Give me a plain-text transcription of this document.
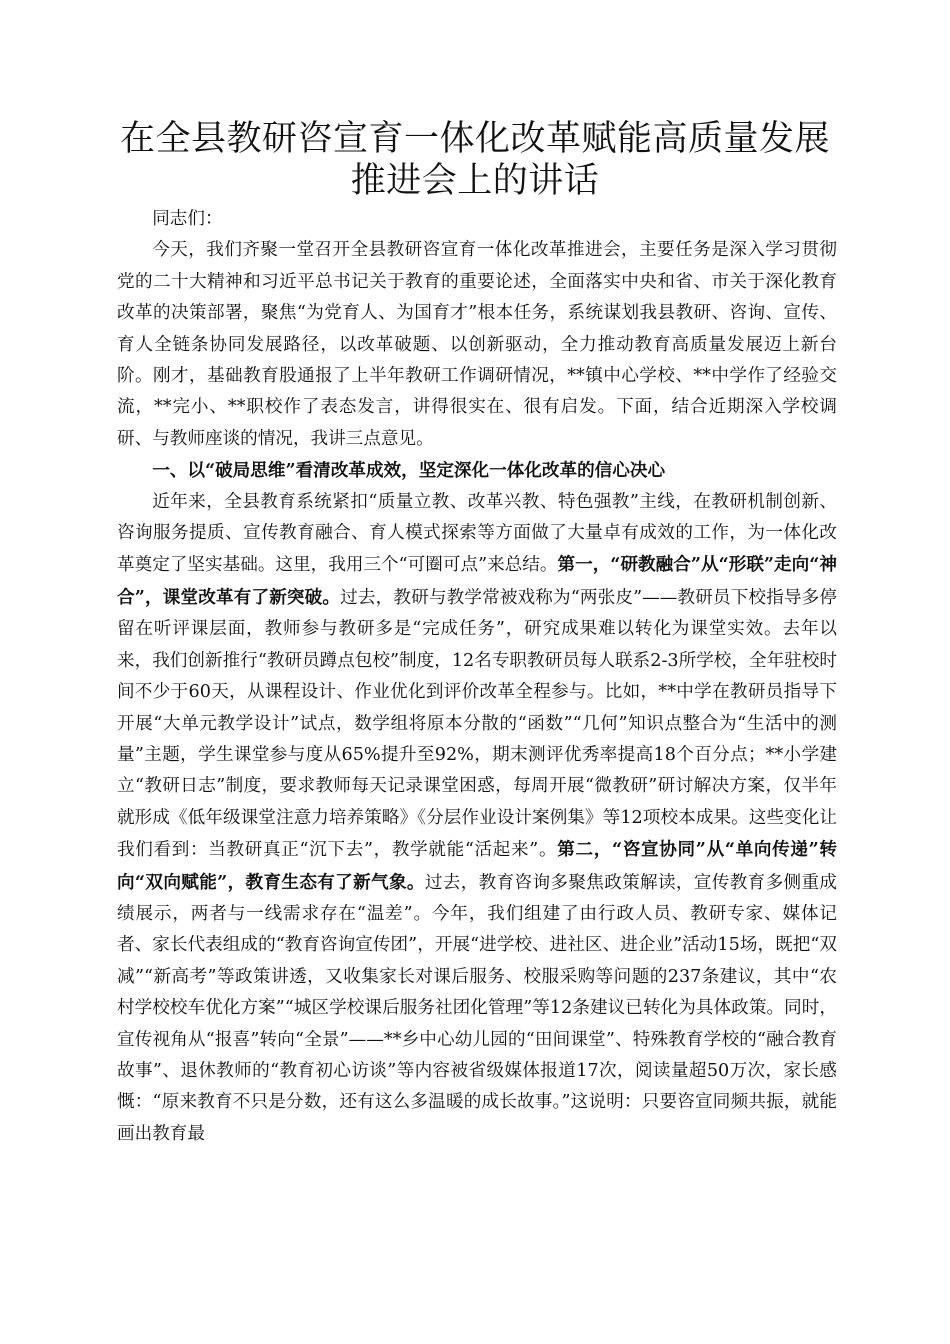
在全县教研咨宣育一体化改革赋能高质量发展
推进会上的讲话

同志们：

今天，我们齐聚一堂召开全县教研咨宣育一体化改革推进会，主要任务是深入学习贯彻党的二十大精神和习近平总书记关于教育的重要论述，全面落实中央和省、市关于深化教育改革的决策部署，聚焦“为党育人、为国育才”根本任务，系统谋划我县教研、咨询、宣传、育人全链条协同发展路径，以改革破题、以创新驱动，全力推动教育高质量发展迈上新台阶。刚才，基础教育股通报了上半年教研工作调研情况，**镇中心学校、**中学作了经验交流，**完小、**职校作了表态发言，讲得很实在、很有启发。下面，结合近期深入学校调研、与教师座谈的情况，我讲三点意见。

一、以“破局思维”看清改革成效，坚定深化一体化改革的信心决心

近年来，全县教育系统紧扣“质量立教、改革兴教、特色强教”主线，在教研机制创新、咨询服务提质、宣传教育融合、育人模式探索等方面做了大量卓有成效的工作，为一体化改革奠定了坚实基础。这里，我用三个“可圈可点”来总结。第一，“研教融合”从“形联”走向“神合”，课堂改革有了新突破。过去，教研与教学常被戏称为“两张皮”——教研员下校指导多停留在听评课层面，教师参与教研多是“完成任务”，研究成果难以转化为课堂实效。去年以来，我们创新推行“教研员蹲点包校”制度，12名专职教研员每人联系2-3所学校，全年驻校时间不少于60天，从课程设计、作业优化到评价改革全程参与。比如，**中学在教研员指导下开展“大单元教学设计”试点，数学组将原本分散的“函数”“几何”知识点整合为“生活中的测量”主题，学生课堂参与度从65%提升至92%，期末测评优秀率提高18个百分点；**小学建立“教研日志”制度，要求教师每天记录课堂困惑，每周开展“微教研”研讨解决方案，仅半年就形成《低年级课堂注意力培养策略》《分层作业设计案例集》等12项校本成果。这些变化让我们看到：当教研真正“沉下去”，教学就能“活起来”。第二，“咨宣协同”从“单向传递”转向“双向赋能”，教育生态有了新气象。过去，教育咨询多聚焦政策解读，宣传教育多侧重成绩展示，两者与一线需求存在“温差”。今年，我们组建了由行政人员、教研专家、媒体记者、家长代表组成的“教育咨询宣传团”，开展“进学校、进社区、进企业”活动15场，既把“双减”“新高考”等政策讲透，又收集家长对课后服务、校服采购等问题的237条建议，其中“农村学校校车优化方案”“城区学校课后服务社团化管理”等12条建议已转化为具体政策。同时，宣传视角从“报喜”转向“全景”——**乡中心幼儿园的“田间课堂”、特殊教育学校的“融合教育故事”、退休教师的“教育初心访谈”等内容被省级媒体报道17次，阅读量超50万次，家长感慨：“原来教育不只是分数，还有这么多温暖的成长故事。”这说明：只要咨宣同频共振，就能画出教育最
